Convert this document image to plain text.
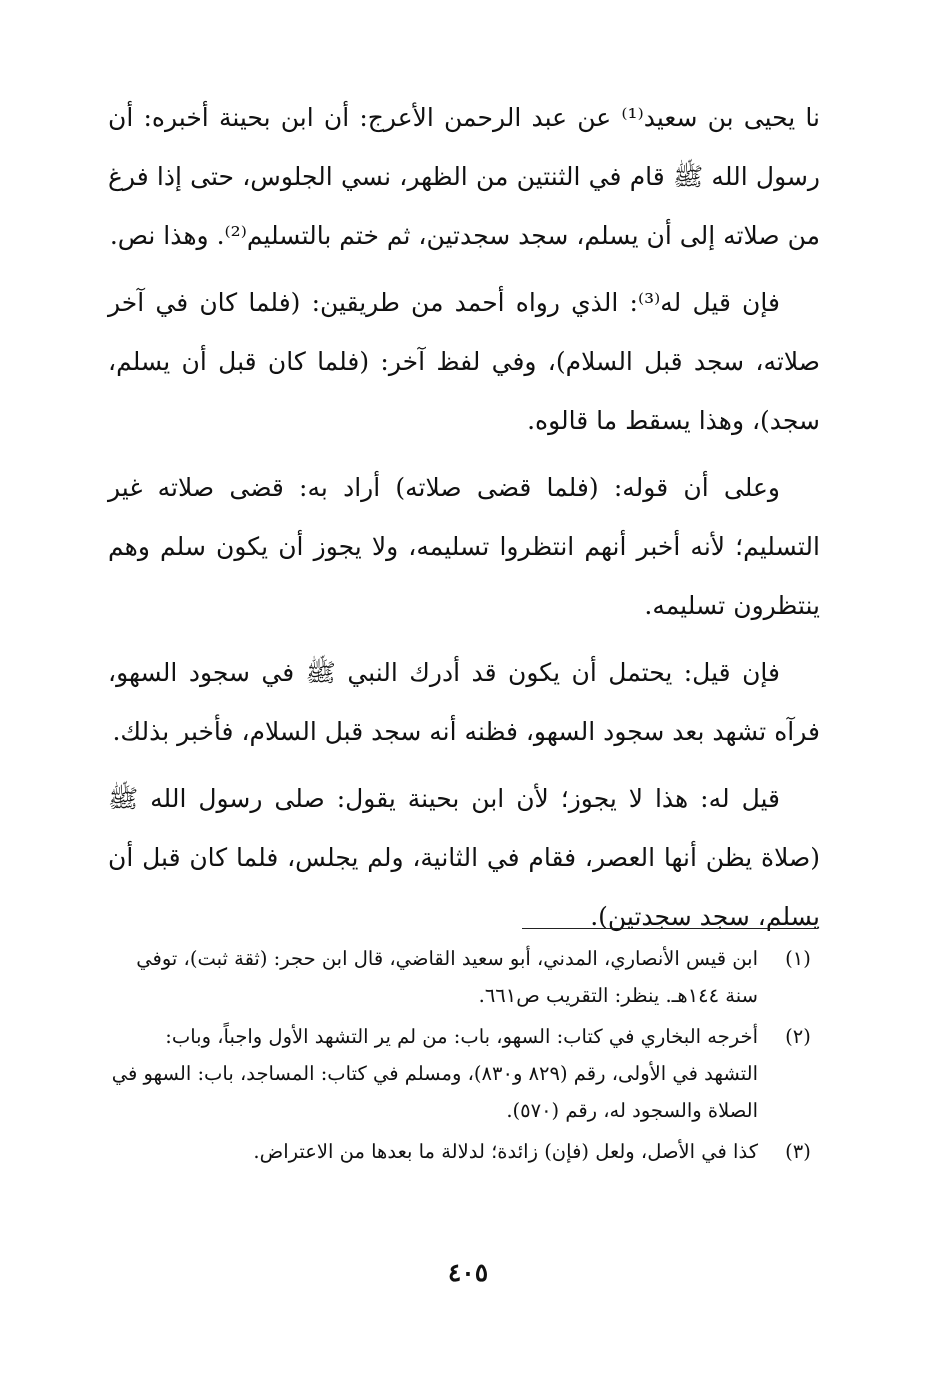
نا يحيى بن سعيد⁽¹⁾ عن عبد الرحمن الأعرج: أن ابن بحينة أخبره: أن رسول الله ﷺ قام في الثنتين من الظهر، نسي الجلوس، حتى إذا فرغ من صلاته إلى أن يسلم، سجد سجدتين، ثم ختم بالتسليم⁽²⁾. وهذا نص.

فإن قيل له⁽³⁾: الذي رواه أحمد من طريقين: (فلما كان في آخر صلاته، سجد قبل السلام)، وفي لفظ آخر: (فلما كان قبل أن يسلم، سجد)، وهذا يسقط ما قالوه.

وعلى أن قوله: (فلما قضى صلاته) أراد به: قضى صلاته غير التسليم؛ لأنه أخبر أنهم انتظروا تسليمه، ولا يجوز أن يكون سلم وهم ينتظرون تسليمه.

فإن قيل: يحتمل أن يكون قد أدرك النبي ﷺ في سجود السهو، فرآه تشهد بعد سجود السهو، فظنه أنه سجد قبل السلام، فأخبر بذلك.

قيل له: هذا لا يجوز؛ لأن ابن بحينة يقول: صلى رسول الله ﷺ (صلاة يظن أنها العصر، فقام في الثانية، ولم يجلس، فلما كان قبل أن يسلم، سجد سجدتين).

(١)
ابن قيس الأنصاري، المدني، أبو سعيد القاضي، قال ابن حجر: (ثقة ثبت)، توفي سنة ١٤٤هـ. ينظر: التقريب ص٦٦١.
(٢)
أخرجه البخاري في كتاب: السهو، باب: من لم ير التشهد الأول واجباً، وباب: التشهد في الأولى، رقم (٨٢٩ و٨٣٠)، ومسلم في كتاب: المساجد، باب: السهو في الصلاة والسجود له، رقم (٥٧٠).
(٣)
كذا في الأصل، ولعل (فإن) زائدة؛ لدلالة ما بعدها من الاعتراض.
٤٠٥
